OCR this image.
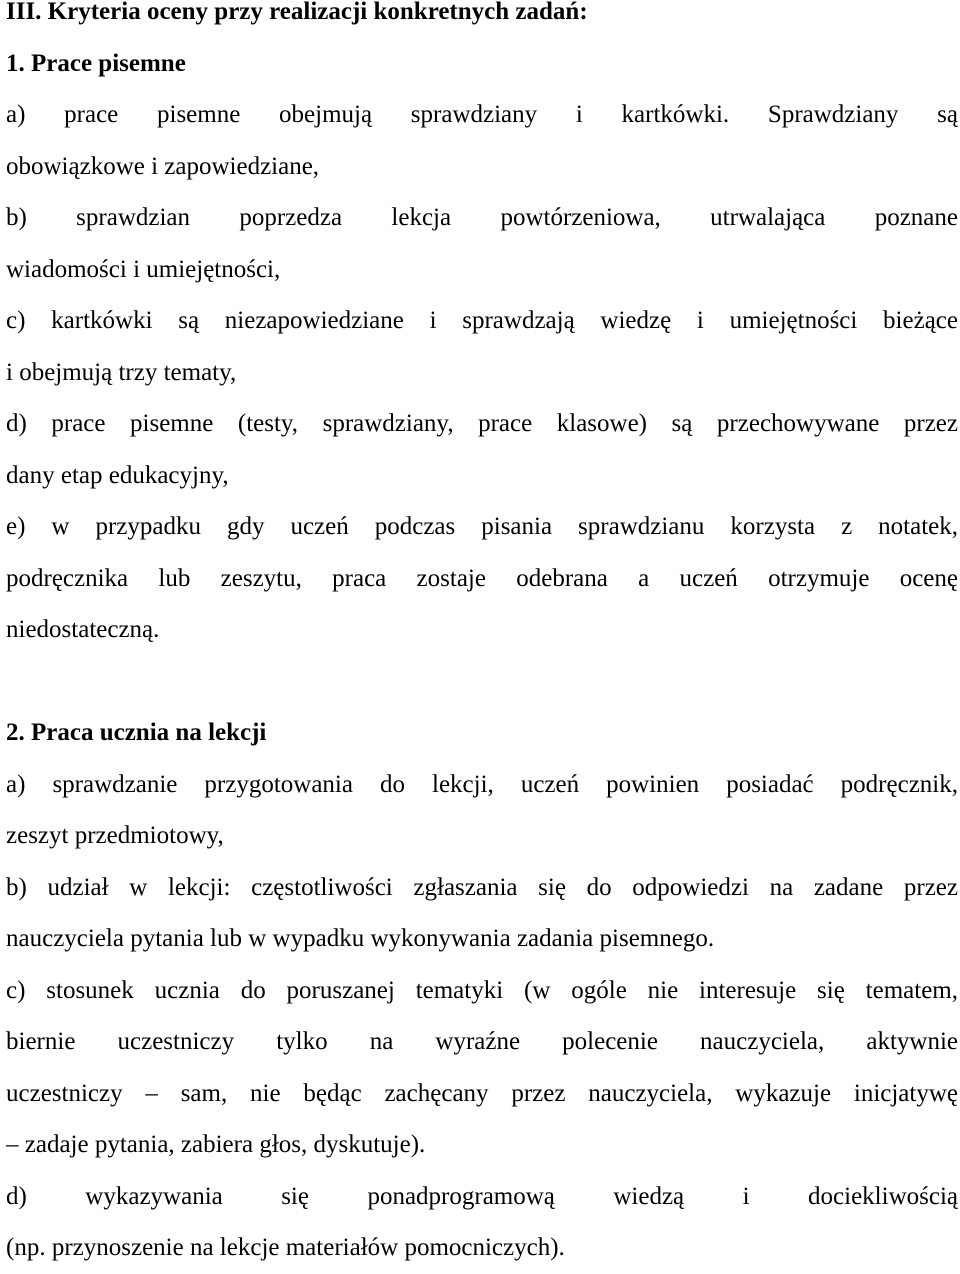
III. Kryteria oceny przy realizacji konkretnych zadań:
1. Prace pisemne
a) prace pisemne obejmują sprawdziany i kartkówki. Sprawdziany są
obowiązkowe i zapowiedziane,
b) sprawdzian poprzedza lekcja powtórzeniowa, utrwalająca poznane
wiadomości i umiejętności,
c) kartkówki są niezapowiedziane i sprawdzają wiedzę i umiejętności bieżące
i obejmują trzy tematy,
d) prace pisemne (testy, sprawdziany, prace klasowe) są przechowywane przez
dany etap edukacyjny,
e) w przypadku gdy uczeń podczas pisania sprawdzianu korzysta z notatek,
podręcznika lub zeszytu, praca zostaje odebrana a uczeń otrzymuje ocenę
niedostateczną.
2. Praca ucznia na lekcji
a) sprawdzanie przygotowania do lekcji, uczeń powinien posiadać podręcznik,
zeszyt przedmiotowy,
b) udział w lekcji: częstotliwości zgłaszania się do odpowiedzi na zadane przez
nauczyciela pytania lub w wypadku wykonywania zadania pisemnego.
c) stosunek ucznia do poruszanej tematyki (w ogóle nie interesuje się tematem,
biernie uczestniczy tylko na wyraźne polecenie nauczyciela, aktywnie
uczestniczy – sam, nie będąc zachęcany przez nauczyciela, wykazuje inicjatywę
– zadaje pytania, zabiera głos, dyskutuje).
d) wykazywania się ponadprogramową wiedzą i dociekliwością
(np. przynoszenie na lekcje materiałów pomocniczych).
